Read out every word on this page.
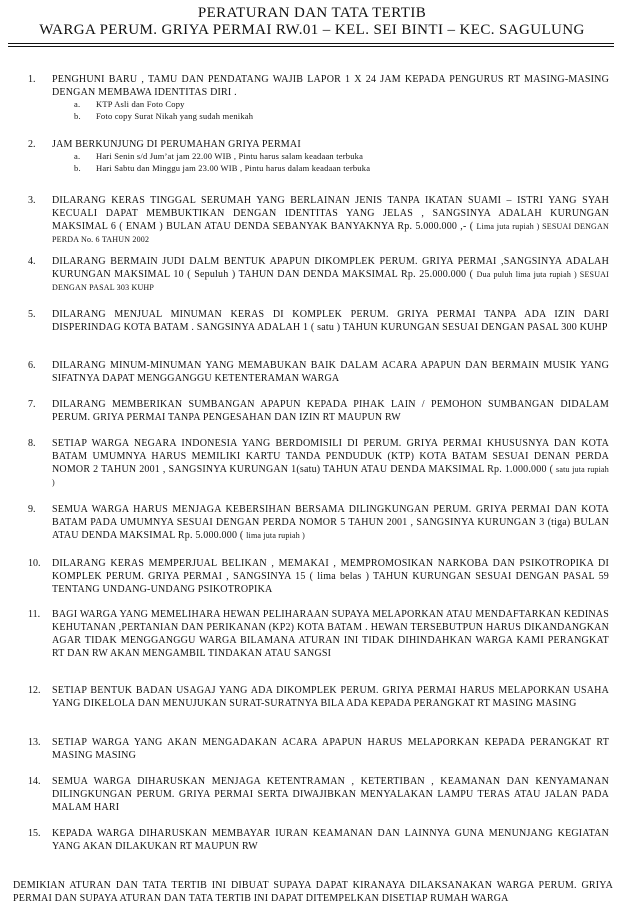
PERATURAN DAN TATA TERTIB
WARGA PERUM. GRIYA PERMAI RW.01 – KEL. SEI BINTI – KEC. SAGULUNG
1.	PENGHUNI BARU , TAMU DAN PENDATANG WAJIB LAPOR 1 X 24 JAM KEPADA PENGURUS RT MASING-MASING DENGAN MEMBAWA IDENTITAS DIRI .
a. KTP Asli dan Foto Copy
b. Foto copy Surat Nikah yang sudah menikah
2.	JAM BERKUNJUNG DI PERUMAHAN GRIYA PERMAI
a. Hari Senin s/d Jum’at jam 22.00 WIB , Pintu harus salam keadaan terbuka
b. Hari Sabtu dan Minggu jam 23.00 WIB , Pintu harus dalam keadaan terbuka
3.	DILARANG KERAS TINGGAL SERUMAH YANG BERLAINAN JENIS TANPA IKATAN SUAMI – ISTRI YANG SYAH KECUALI DAPAT MEMBUKTIKAN DENGAN IDENTITAS YANG JELAS , SANGSINYA ADALAH KURUNGAN MAKSIMAL 6 ( ENAM ) BULAN ATAU DENDA SEBANYAK BANYAKNYA Rp. 5.000.000 ,- ( Lima juta rupiah ) SESUAI DENGAN PERDA No. 6 TAHUN 2002
4.	DILARANG BERMAIN JUDI DALM BENTUK APAPUN DIKOMPLEK PERUM. GRIYA PERMAI ,SANGSINYA ADALAH KURUNGAN MAKSIMAL 10 ( Sepuluh ) TAHUN DAN DENDA MAKSIMAL Rp. 25.000.000 ( Dua puluh lima juta rupiah ) SESUAI DENGAN PASAL 303 KUHP
5.	DILARANG MENJUAL MINUMAN KERAS DI KOMPLEK PERUM. GRIYA PERMAI TANPA ADA IZIN DARI DISPERINDAG KOTA BATAM . SANGSINYA ADALAH 1 ( satu ) TAHUN KURUNGAN SESUAI DENGAN PASAL 300 KUHP
6.	DILARANG MINUM-MINUMAN YANG MEMABUKAN BAIK DALAM ACARA APAPUN DAN BERMAIN MUSIK YANG SIFATNYA DAPAT MENGGANGGU KETENTERAMAN WARGA
7.	DILARANG MEMBERIKAN SUMBANGAN APAPUN KEPADA PIHAK LAIN / PEMOHON SUMBANGAN DIDALAM PERUM. GRIYA PERMAI TANPA PENGESAHAN DAN IZIN RT MAUPUN RW
8.	SETIAP WARGA NEGARA INDONESIA YANG BERDOMISILI DI PERUM. GRIYA PERMAI KHUSUSNYA DAN KOTA BATAM UMUMNYA HARUS MEMILIKI KARTU TANDA PENDUDUK (KTP) KOTA BATAM SESUAI DENAN PERDA NOMOR 2 TAHUN 2001 , SANGSINYA KURUNGAN 1(satu) TAHUN ATAU DENDA MAKSIMAL Rp. 1.000.000 ( satu juta rupiah )
9.	SEMUA WARGA HARUS MENJAGA KEBERSIHAN BERSAMA DILINGKUNGAN PERUM. GRIYA PERMAI DAN KOTA BATAM PADA UMUMNYA SESUAI DENGAN PERDA NOMOR 5 TAHUN 2001 , SANGSINYA KURUNGAN 3 (tiga) BULAN ATAU DENDA MAKSIMAL Rp. 5.000.000 ( lima juta rupiah )
10.	DILARANG KERAS MEMPERJUAL BELIKAN , MEMAKAI , MEMPROMOSIKAN NARKOBA DAN PSIKOTROPIKA DI KOMPLEK PERUM. GRIYA PERMAI , SANGSINYA 15 ( lima belas ) TAHUN KURUNGAN SESUAI DENGAN PASAL 59 TENTANG UNDANG-UNDANG PSIKOTROPIKA
11.	BAGI WARGA YANG MEMELIHARA HEWAN PELIHARAAN SUPAYA MELAPORKAN ATAU MENDAFTARKAN KEDINAS KEHUTANAN ,PERTANIAN DAN PERIKANAN (KP2) KOTA BATAM . HEWAN TERSEBUTPUN HARUS DIKANDANGKAN AGAR TIDAK MENGGANGGU WARGA BILAMANA ATURAN INI TIDAK DIHINDAHKAN WARGA KAMI PERANGKAT RT DAN RW AKAN MENGAMBIL TINDAKAN ATAU SANGSI
12.	SETIAP BENTUK BADAN USAGAJ YANG ADA DIKOMPLEK PERUM. GRIYA PERMAI HARUS MELAPORKAN USAHA YANG DIKELOLA DAN MENUJUKAN SURAT-SURATNYA BILA ADA KEPADA PERANGKAT RT MASING MASING
13.	SETIAP WARGA YANG AKAN MENGADAKAN ACARA APAPUN HARUS MELAPORKAN KEPADA PERANGKAT RT MASING MASING
14.	SEMUA WARGA DIHARUSKAN MENJAGA KETENTRAMAN , KETERTIBAN , KEAMANAN DAN KENYAMANAN DILINGKUNGAN PERUM. GRIYA PERMAI SERTA DIWAJIBKAN MENYALAKAN LAMPU TERAS ATAU JALAN PADA MALAM HARI
15.	KEPADA WARGA DIHARUSKAN MEMBAYAR IURAN KEAMANAN DAN LAINNYA GUNA MENUNJANG KEGIATAN YANG AKAN DILAKUKAN RT MAUPUN RW
DEMIKIAN ATURAN DAN TATA TERTIB INI DIBUAT SUPAYA DAPAT KIRANAYA DILAKSANAKAN WARGA PERUM. GRIYA PERMAI DAN SUPAYA ATURAN DAN TATA TERTIB INI DAPAT DITEMPELKAN DISETIAP RUMAH WARGA
